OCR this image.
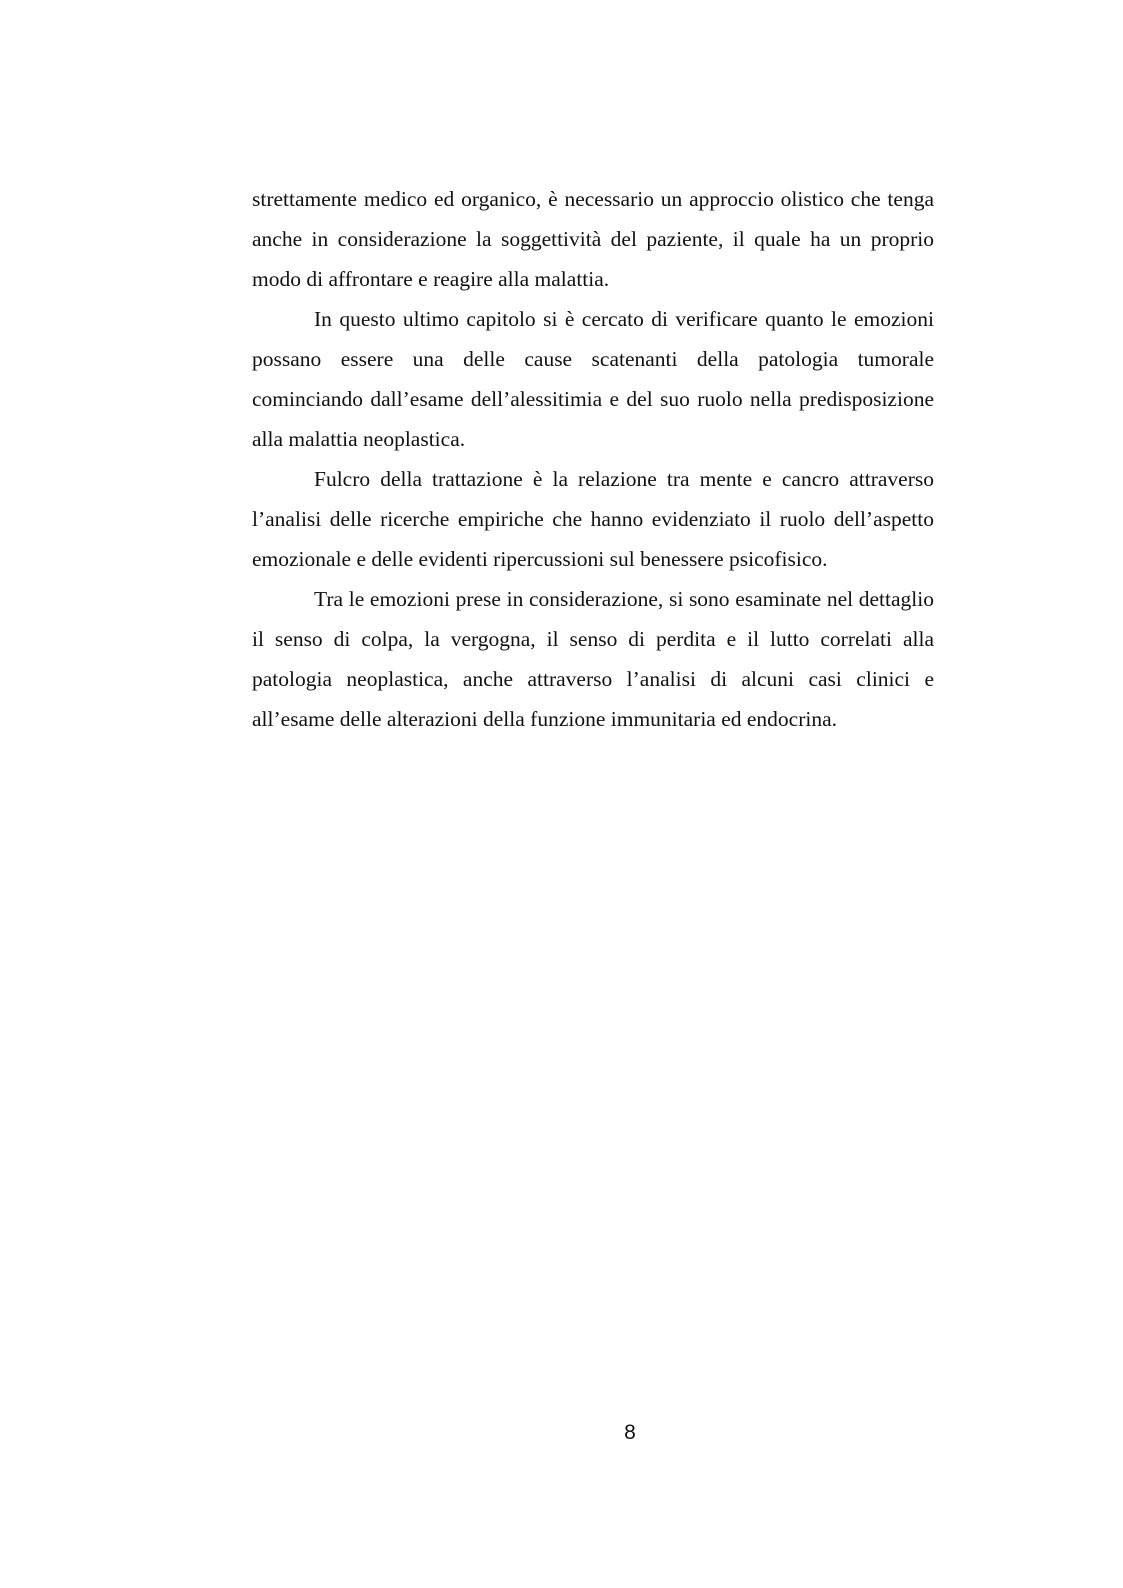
strettamente medico ed organico, è necessario un approccio olistico che tenga anche in considerazione la soggettività del paziente, il quale ha un proprio modo di affrontare e reagire alla malattia.

In questo ultimo capitolo si è cercato di verificare quanto le emozioni possano essere una delle cause scatenanti della patologia tumorale cominciando dall’esame dell’alessitimia e del suo ruolo nella predisposizione alla malattia neoplastica.

Fulcro della trattazione è la relazione tra mente e cancro attraverso l’analisi delle ricerche empiriche che hanno evidenziato il ruolo dell’aspetto emozionale e delle evidenti ripercussioni sul benessere psicofisico.

Tra le emozioni prese in considerazione, si sono esaminate nel dettaglio il senso di colpa, la vergogna, il senso di perdita e il lutto correlati alla patologia neoplastica, anche attraverso l’analisi di alcuni casi clinici e all’esame delle alterazioni della funzione immunitaria ed endocrina.

8
